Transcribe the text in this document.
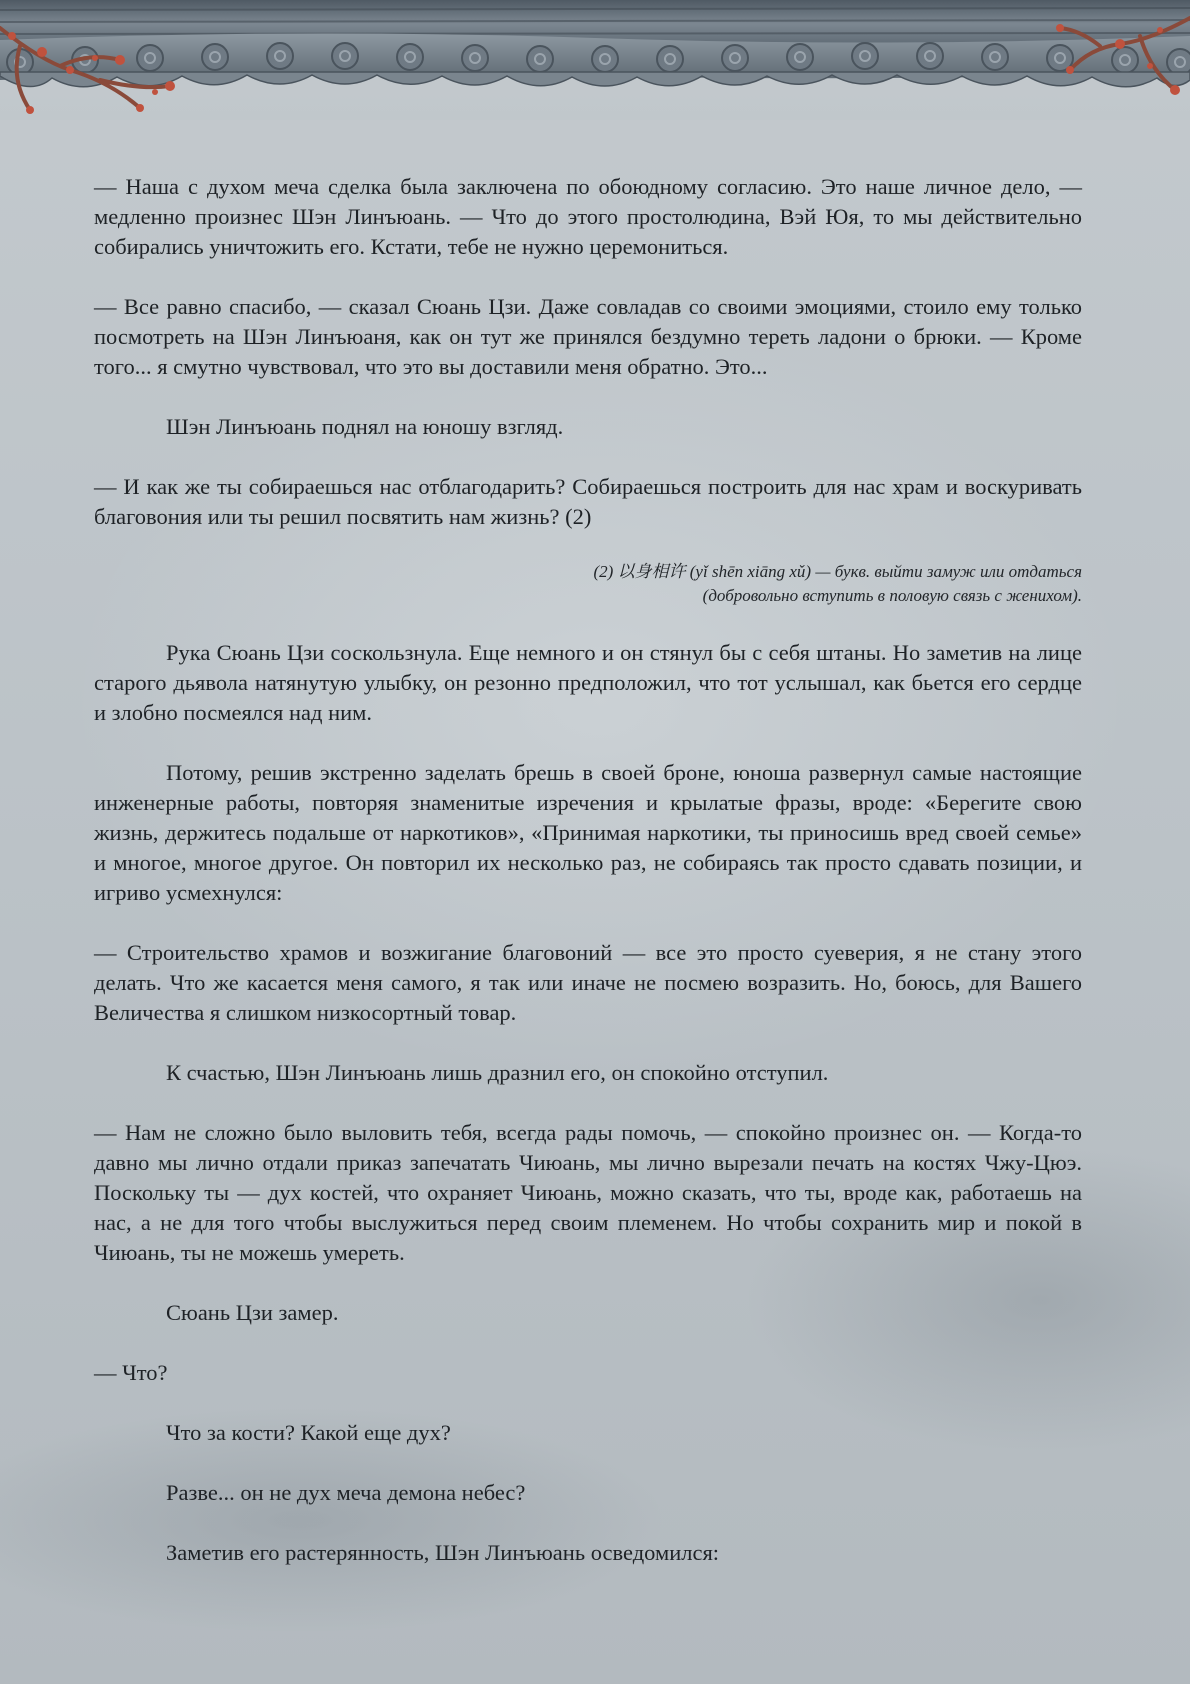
— Наша с духом меча сделка была заключена по обоюдному согласию. Это наше личное дело, — медленно произнес Шэн Линъюань. — Что до этого простолюдина, Вэй Юя, то мы действительно собирались уничтожить его. Кстати, тебе не нужно церемониться.

— Все равно спасибо, — сказал Сюань Цзи. Даже совладав со своими эмоциями, стоило ему только посмотреть на Шэн Линъюаня, как он тут же принялся бездумно тереть ладони о брюки. — Кроме того... я смутно чувствовал, что это вы доставили меня обратно. Это...

Шэн Линъюань поднял на юношу взгляд.

— И как же ты собираешься нас отблагодарить? Собираешься построить для нас храм и воскуривать благовония или ты решил посвятить нам жизнь? (2)

(2) 以身相许 (yǐ shēn xiāng xǔ) — букв. выйти замуж или отдаться
(добровольно вступить в половую связь с женихом).

Рука Сюань Цзи соскользнула. Еще немного и он стянул бы с себя штаны. Но заметив на лице старого дьявола натянутую улыбку, он резонно предположил, что тот услышал, как бьется его сердце и злобно посмеялся над ним.

Потому, решив экстренно заделать брешь в своей броне, юноша развернул самые настоящие инженерные работы, повторяя знаменитые изречения и крылатые фразы, вроде: «Берегите свою жизнь, держитесь подальше от наркотиков», «Принимая наркотики, ты приносишь вред своей семье» и многое, многое другое. Он повторил их несколько раз, не собираясь так просто сдавать позиции, и игриво усмехнулся:

— Строительство храмов и возжигание благовоний — все это просто суеверия, я не стану этого делать. Что же касается меня самого, я так или иначе не посмею возразить. Но, боюсь, для Вашего Величества я слишком низкосортный товар.

К счастью, Шэн Линъюань лишь дразнил его, он спокойно отступил.

— Нам не сложно было выловить тебя, всегда рады помочь, — спокойно произнес он. — Когда-то давно мы лично отдали приказ запечатать Чиюань, мы лично вырезали печать на костях Чжу-Цюэ. Поскольку ты — дух костей, что охраняет Чиюань, можно сказать, что ты, вроде как, работаешь на нас, а не для того чтобы выслужиться перед своим племенем. Но чтобы сохранить мир и покой в Чиюань, ты не можешь умереть.

Сюань Цзи замер.

— Что?

Что за кости? Какой еще дух?

Разве... он не дух меча демона небес?

Заметив его растерянность, Шэн Линъюань осведомился:
